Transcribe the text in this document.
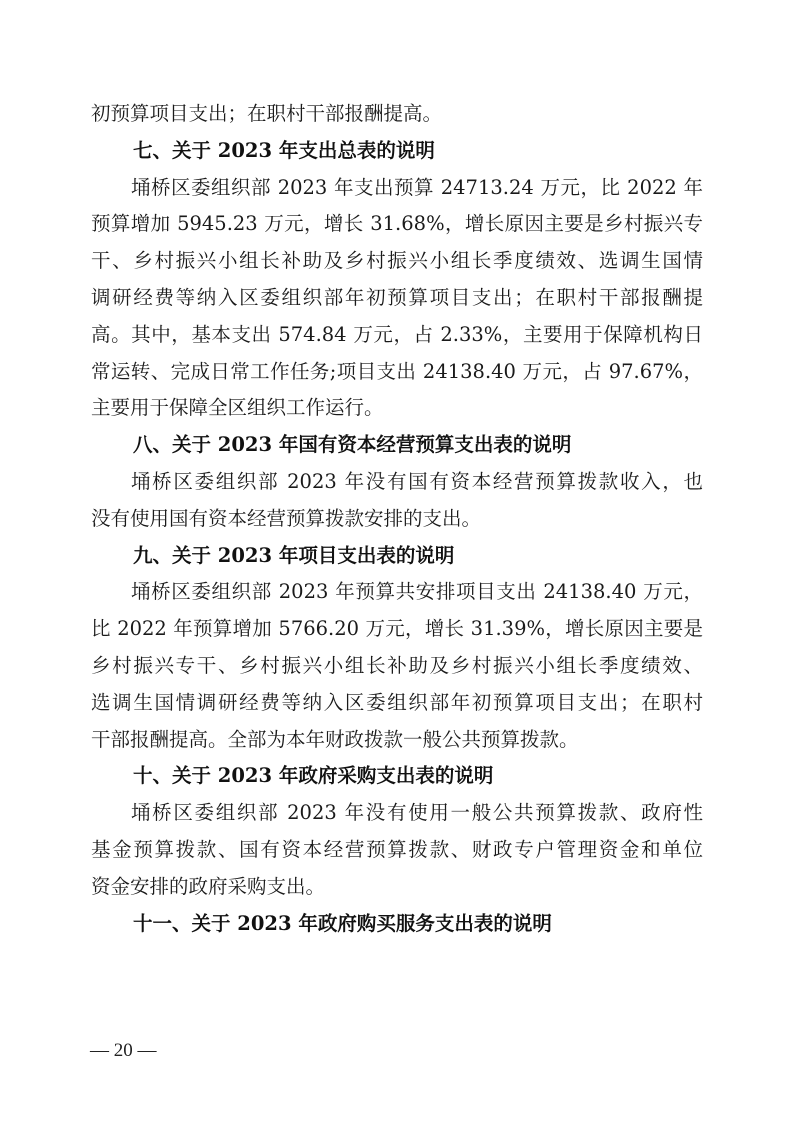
初预算项目支出；在职村干部报酬提高。
七、关于 2023 年支出总表的说明
埇桥区委组织部 2023 年支出预算 24713.24 万元，比 2022 年
预算增加 5945.23 万元，增长 31.68%，增长原因主要是乡村振兴专
干、乡村振兴小组长补助及乡村振兴小组长季度绩效、选调生国情
调研经费等纳入区委组织部年初预算项目支出；在职村干部报酬提
高。其中，基本支出 574.84 万元，占 2.33%，主要用于保障机构日
常运转、完成日常工作任务;项目支出 24138.40 万元，占 97.67%，
主要用于保障全区组织工作运行。
八、关于 2023 年国有资本经营预算支出表的说明
埇桥区委组织部 2023 年没有国有资本经营预算拨款收入，也
没有使用国有资本经营预算拨款安排的支出。
九、关于 2023 年项目支出表的说明
埇桥区委组织部 2023 年预算共安排项目支出 24138.40 万元，
比 2022 年预算增加 5766.20 万元，增长 31.39%，增长原因主要是
乡村振兴专干、乡村振兴小组长补助及乡村振兴小组长季度绩效、
选调生国情调研经费等纳入区委组织部年初预算项目支出；在职村
干部报酬提高。全部为本年财政拨款一般公共预算拨款。
十、关于 2023 年政府采购支出表的说明
埇桥区委组织部 2023 年没有使用一般公共预算拨款、政府性
基金预算拨款、国有资本经营预算拨款、财政专户管理资金和单位
资金安排的政府采购支出。
十一、关于 2023 年政府购买服务支出表的说明
— 20 —
